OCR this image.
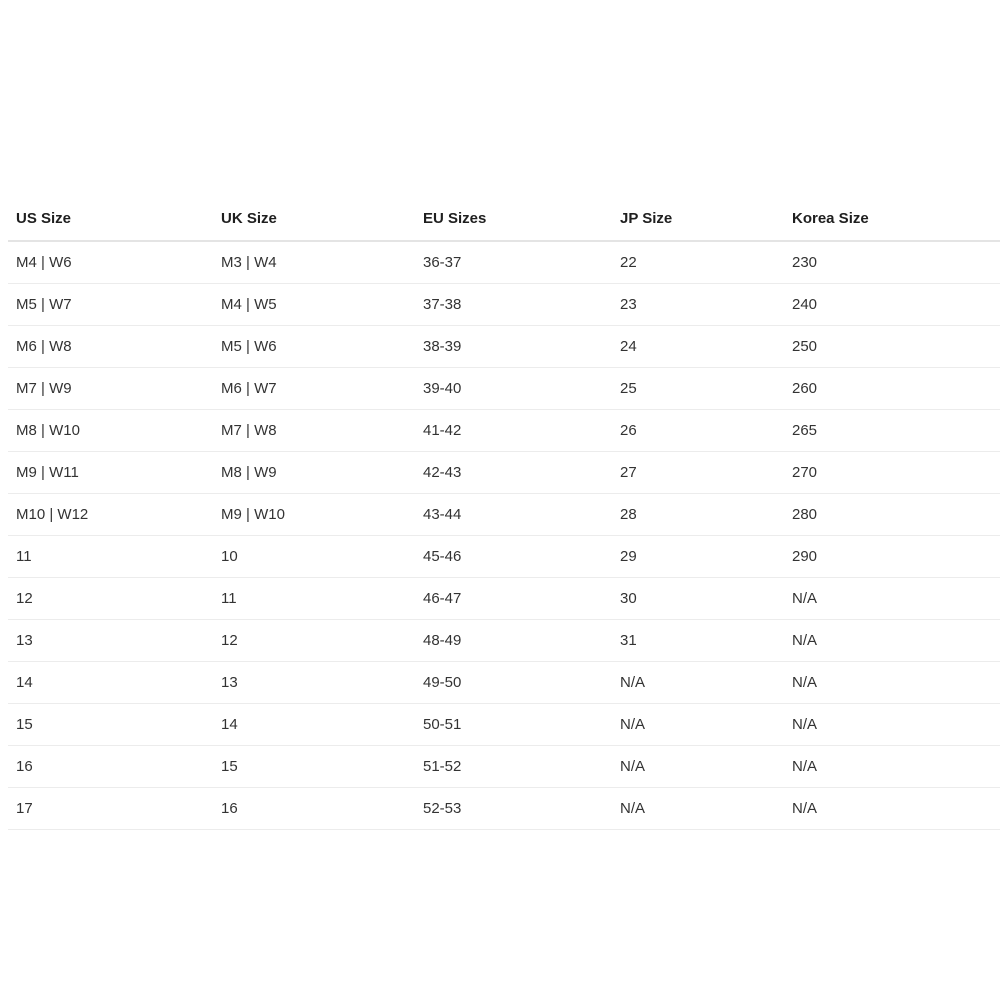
US Size	UK Size	EU Sizes	JP Size	Korea Size
M4 | W6	M3 | W4	36-37	22	230
M5 | W7	M4 | W5	37-38	23	240
M6 | W8	M5 | W6	38-39	24	250
M7 | W9	M6 | W7	39-40	25	260
M8 | W10	M7 | W8	41-42	26	265
M9 | W11	M8 | W9	42-43	27	270
M10 | W12	M9 | W10	43-44	28	280
11	10	45-46	29	290
12	11	46-47	30	N/A
13	12	48-49	31	N/A
14	13	49-50	N/A	N/A
15	14	50-51	N/A	N/A
16	15	51-52	N/A	N/A
17	16	52-53	N/A	N/A
